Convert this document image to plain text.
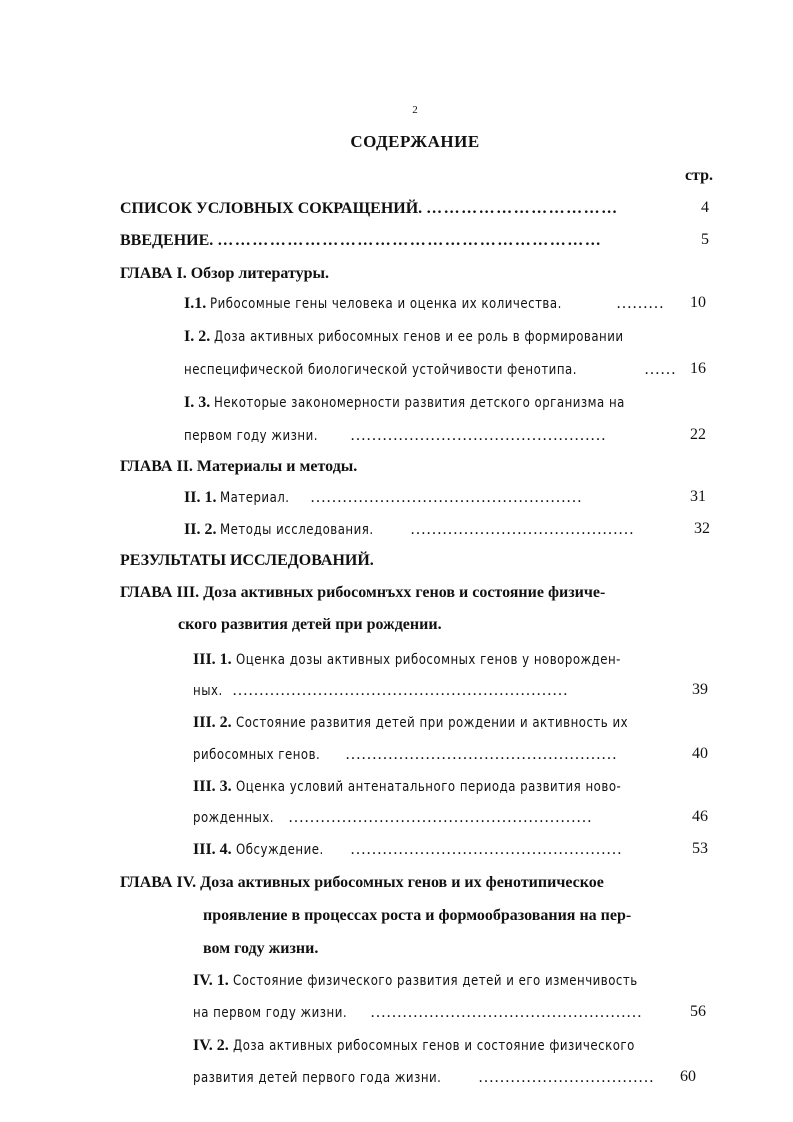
2
СОДЕРЖАНИЕ
стр.
СПИСОК УСЛОВНЫХ СОКРАЩЕНИЙ. ……………………………	4
ВВЕДЕНИЕ. …………………………………………………………	5
ГЛАВА I. Обзор литературы.
I.1. Рибосомные гены человека и оценка их количества.	……… 10
I. 2. Доза активных рибосомных генов и ее роль в формировании
неспецифической биологической устойчивости фенотипа.	…… 16
I. 3. Некоторые закономерности развития детского организма на
первом году жизни.	…………………………………………	22
ГЛАВА II. Материалы и методы.
II. 1. Материал.	……………………………………………	31
II. 2. Методы исследования.	……………………………………	32
РЕЗУЛЬТАТЫ ИССЛЕДОВАНИЙ.
ГЛАВА III. Доза активных рибосомнъхх генов и состояние физиче-
ского развития детей при рождении.
III. 1. Оценка дозы активных рибосомных генов у новорожден-
ных. ………………………………………………………	39
III. 2. Состояние развития детей при рождении и активность их
рибосомных генов.	……………………………………………	40
III. 3. Оценка условий антенатального периода развития ново-
рожденных. …………………………………………………	46
III. 4. Обсуждение.	……………………………………………	53
ГЛАВА IV. Доза активных рибосомных генов и их фенотипическое
проявление в процессах роста и формообразования на пер-
вом году жизни.
IV. 1. Состояние физического развития детей и его изменчивость
на первом году жизни.	……………………………………………	56
IV. 2. Доза активных рибосомных генов и состояние физического
развития детей первого года жизни.	…………………………… 60
